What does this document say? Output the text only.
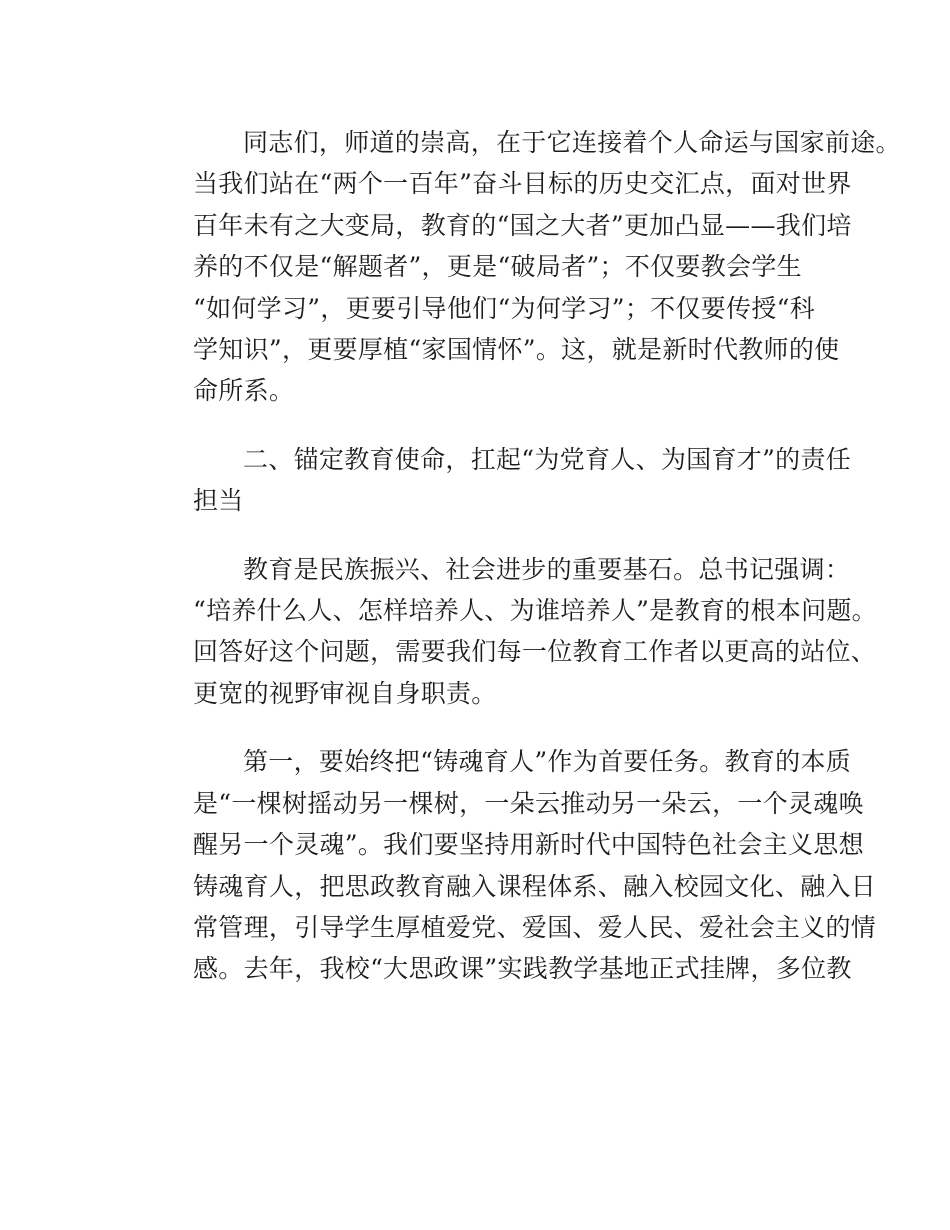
同志们，师道的崇高，在于它连接着个人命运与国家前途。
当我们站在“两个一百年”奋斗目标的历史交汇点，面对世界
百年未有之大变局，教育的“国之大者”更加凸显——我们培
养的不仅是“解题者”，更是“破局者”；不仅要教会学生
“如何学习”，更要引导他们“为何学习”；不仅要传授“科
学知识”，更要厚植“家国情怀”。这，就是新时代教师的使
命所系。

二、锚定教育使命，扛起“为党育人、为国育才”的责任
担当

教育是民族振兴、社会进步的重要基石。总书记强调：
“培养什么人、怎样培养人、为谁培养人”是教育的根本问题。
回答好这个问题，需要我们每一位教育工作者以更高的站位、
更宽的视野审视自身职责。

第一，要始终把“铸魂育人”作为首要任务。教育的本质
是“一棵树摇动另一棵树，一朵云推动另一朵云，一个灵魂唤
醒另一个灵魂”。我们要坚持用新时代中国特色社会主义思想
铸魂育人，把思政教育融入课程体系、融入校园文化、融入日
常管理，引导学生厚植爱党、爱国、爱人民、爱社会主义的情
感。去年，我校“大思政课”实践教学基地正式挂牌，多位教
